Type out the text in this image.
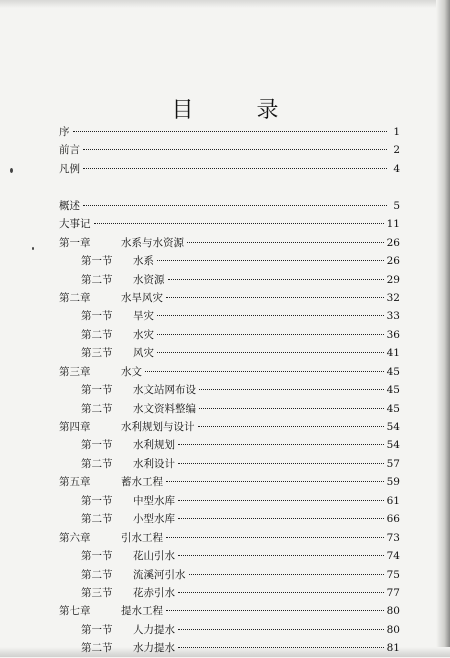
目 录
序	1
前言	2
凡例	4
概述	5
大事记	11
第一章	水系与水资源	26
第一节 水系	26
第二节 水资源	29
第二章	水旱风灾	32
第一节 旱灾	33
第二节 水灾	36
第三节 风灾	41
第三章	水文	45
第一节 水文站网布设	45
第二节 水文资料整编	45
第四章	水利规划与设计	54
第一节 水利规划	54
第二节 水利设计	57
第五章	蓄水工程	59
第一节 中型水库	61
第二节 小型水库	66
第六章	引水工程	73
第一节 花山引水	74
第二节 流溪河引水	75
第三节 花赤引水	77
第七章	提水工程	80
第一节 人力提水	80
第二节 水力提水	81
